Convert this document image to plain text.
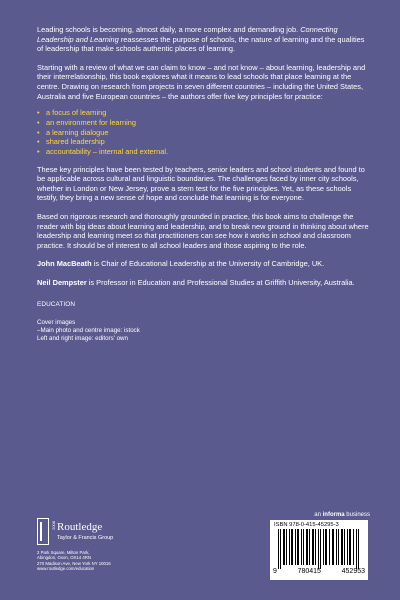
Leading schools is becoming, almost daily, a more complex and demanding job. Connecting Leadership and Learning reassesses the purpose of schools, the nature of learning and the qualities of leadership that make schools authentic places of learning.

Starting with a review of what we can claim to know – and not know – about learning, leadership and their interrelationship, this book explores what it means to lead schools that place learning at the centre. Drawing on research from projects in seven different countries – including the United States, Australia and five European countries – the authors offer five key principles for practice:

• a focus of learning
• an environment for learning
• a learning dialogue
• shared leadership
• accountability – internal and external.

These key principles have been tested by teachers, senior leaders and school students and found to be applicable across cultural and linguistic boundaries. The challenges faced by inner city schools, whether in London or New Jersey, prove a stern test for the five principles. Yet, as these schools testify, they bring a new sense of hope and conclude that learning is for everyone.

Based on rigorous research and thoroughly grounded in practice, this book aims to challenge the reader with big ideas about learning and leadership, and to break new ground in thinking about where leadership and learning meet so that practitioners can see how it works in school and classroom practice. It should be of interest to all school leaders and those aspiring to the role.

John MacBeath is Chair of Educational Leadership at the University of Cambridge, UK.

Neil Dempster is Professor in Education and Professional Studies at Griffith University, Australia.

EDUCATION

Cover images
–Main photo and centre image: istock
Left and right image: editors' own
an informa business
2008 Routledge
Taylor & Francis Group
2 Park Square, Milton Park,
Abingdon, Oxon, OX14 4RN
270 Madison Ave, New York NY 10016
www.routledge.com/education
ISBN 978-0-415-45295-3
9	780415	452953
